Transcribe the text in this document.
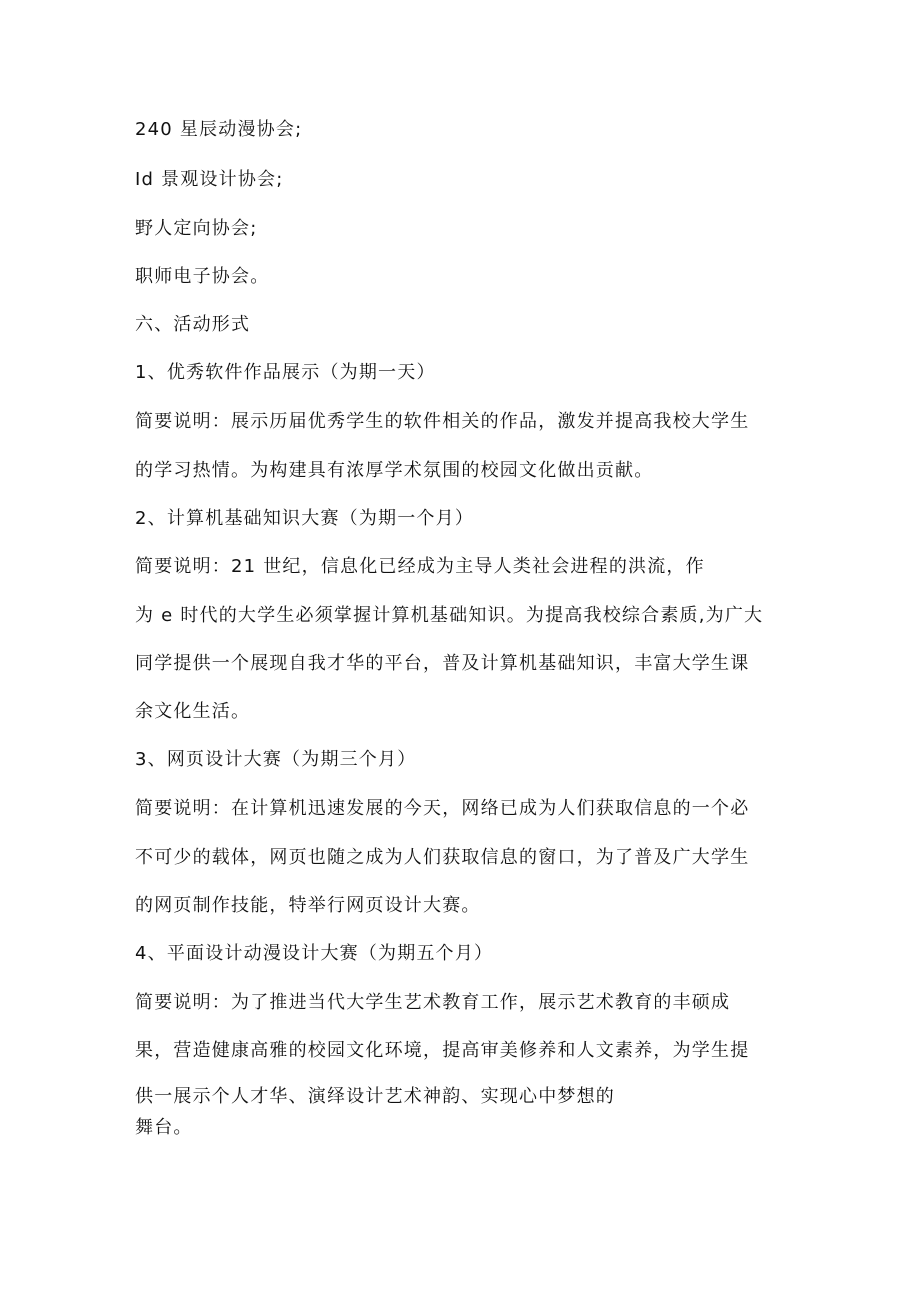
240 星辰动漫协会;
Id 景观设计协会;
野人定向协会;
职师电子协会。
六、活动形式
1、优秀软件作品展示（为期一天）
简要说明：展示历届优秀学生的软件相关的作品，激发并提高我校大学生
的学习热情。为构建具有浓厚学术氛围的校园文化做出贡献。
2、计算机基础知识大赛（为期一个月）
简要说明：21 世纪，信息化已经成为主导人类社会进程的洪流，作
为 e 时代的大学生必须掌握计算机基础知识。为提高我校综合素质,为广大
同学提供一个展现自我才华的平台，普及计算机基础知识，丰富大学生课
余文化生活。
3、网页设计大赛（为期三个月）
简要说明：在计算机迅速发展的今天，网络已成为人们获取信息的一个必
不可少的载体，网页也随之成为人们获取信息的窗口，为了普及广大学生
的网页制作技能，特举行网页设计大赛。
4、平面设计动漫设计大赛（为期五个月）
简要说明：为了推进当代大学生艺术教育工作，展示艺术教育的丰硕成
果，营造健康高雅的校园文化环境，提高审美修养和人文素养，为学生提
供一展示个人才华、演绎设计艺术神韵、实现心中梦想的
舞台。
